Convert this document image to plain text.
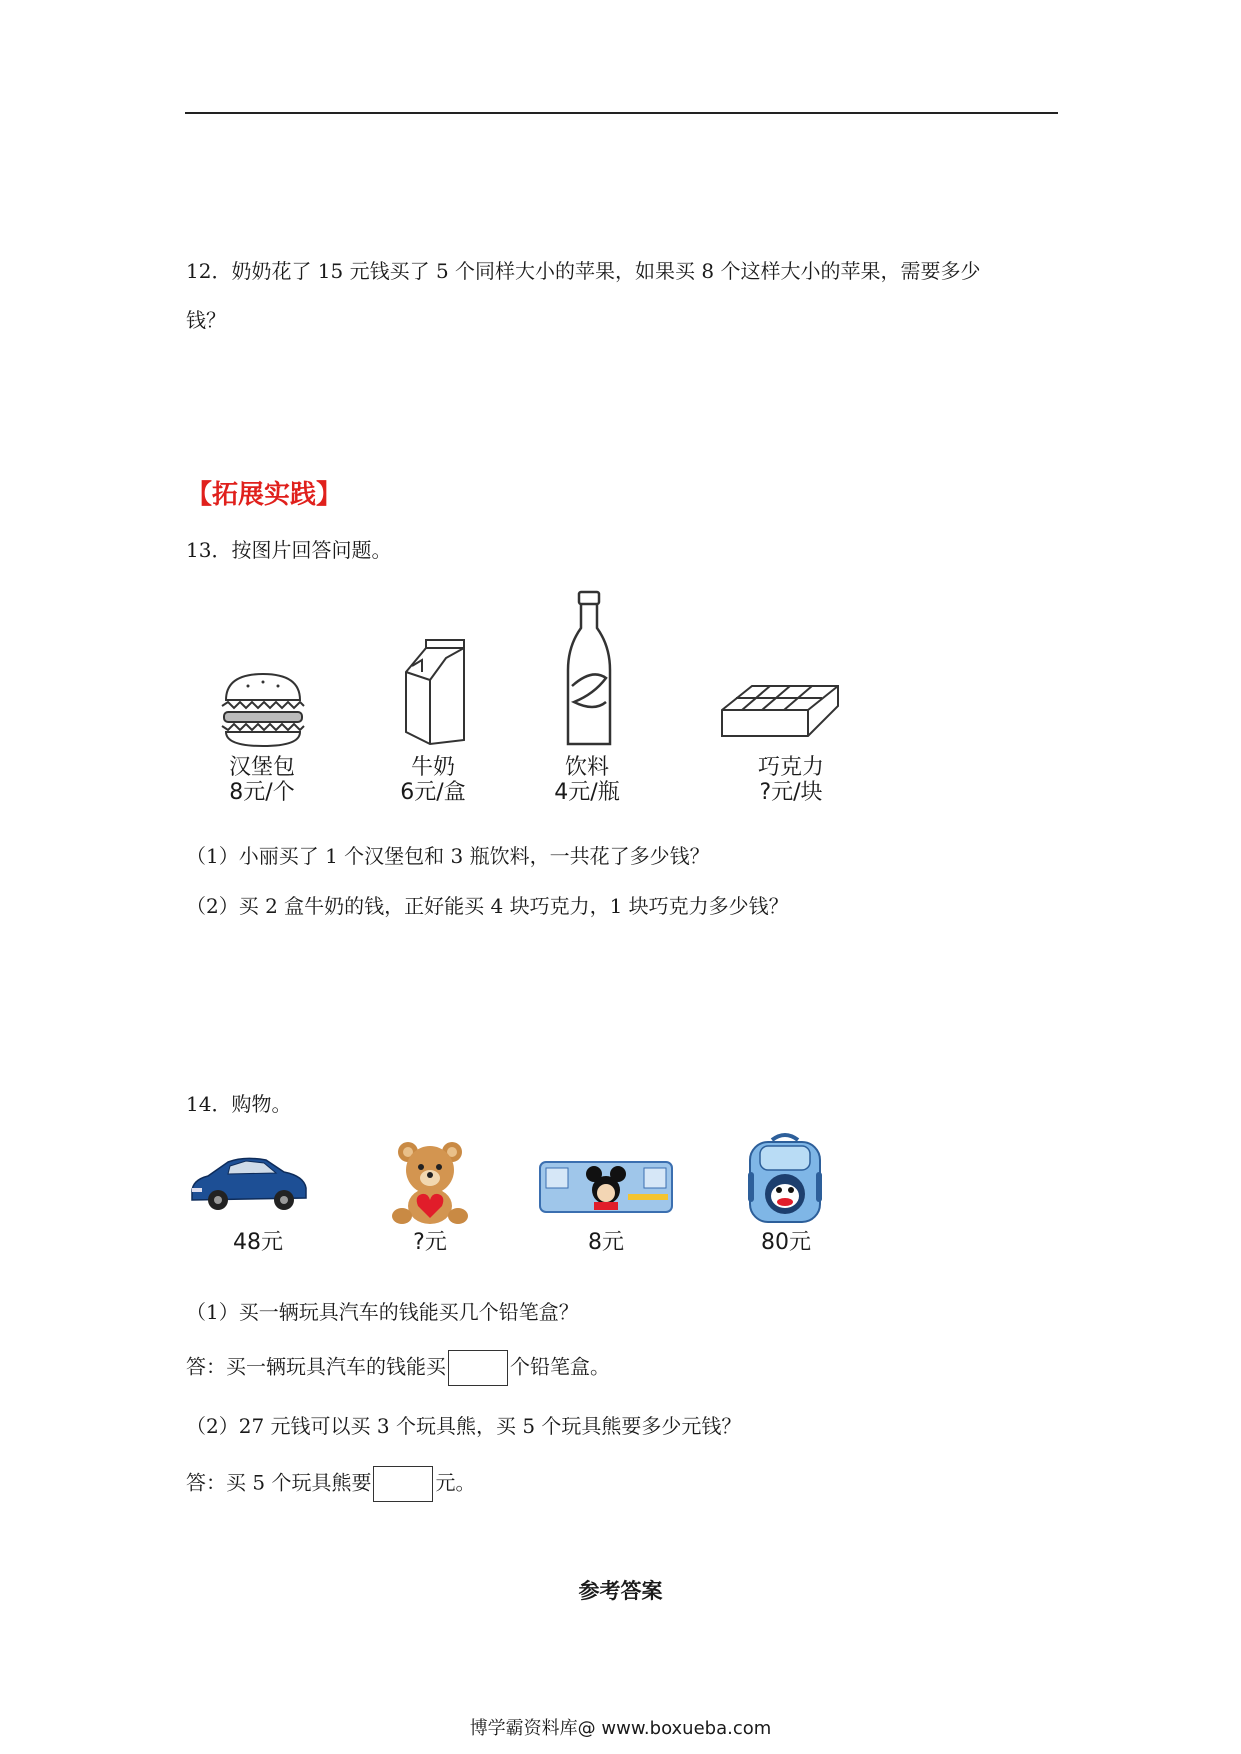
12．奶奶花了 15 元钱买了 5 个同样大小的苹果，如果买 8 个这样大小的苹果，需要多少
钱？
【拓展实践】
13．按图片回答问题。
汉堡包
8元/个
牛奶
6元/盒
饮料
4元/瓶
巧克力
?元/块
（1）小丽买了 1 个汉堡包和 3 瓶饮料，一共花了多少钱？
（2）买 2 盒牛奶的钱，正好能买 4 块巧克力，1 块巧克力多少钱？
14．购物。
48元	?元	8元	80元
（1）买一辆玩具汽车的钱能买几个铅笔盒？
答：买一辆玩具汽车的钱能买	个铅笔盒。
（2）27 元钱可以买 3 个玩具熊，买 5 个玩具熊要多少元钱？
答：买 5 个玩具熊要	元。
参考答案
博学霸资料库@ www.boxueba.com
